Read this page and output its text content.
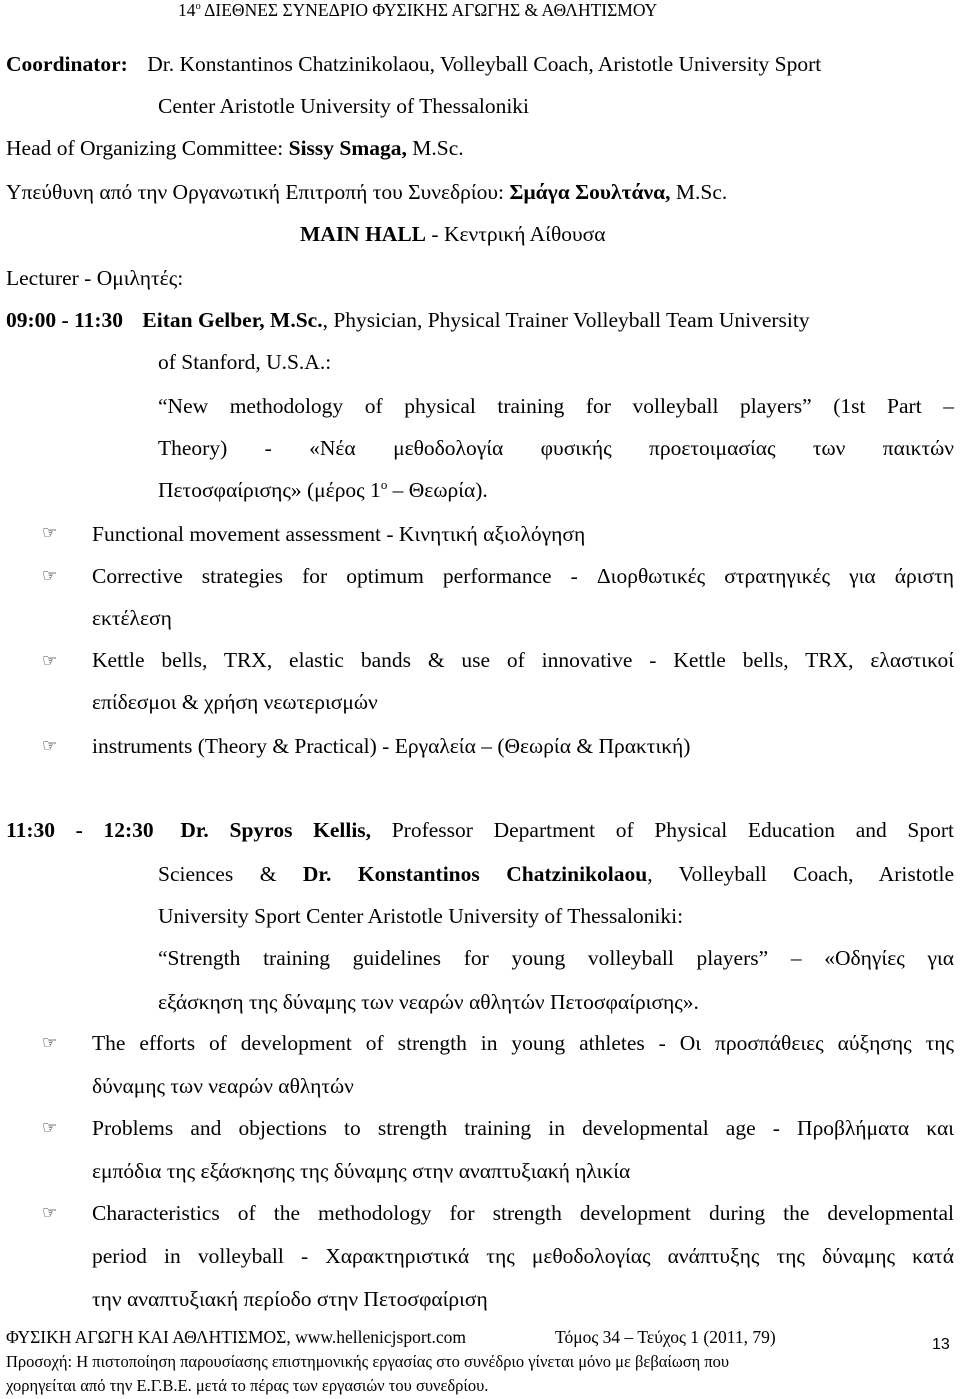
$14^o$ ΔΙΕΘΝΕΣ ΣΥΝΕΔΡΙΟ ΦΥΣΙΚΗΣ ΑΓΩΓΗΣ & ΑΘΛΗΤΙΣΜΟΥ
Coordinator: Dr. Konstantinos Chatzinikolaou, Volleyball Coach, Aristotle University Sport
Center Aristotle University of Thessaloniki
Head of Organizing Committee: Sissy Smaga, M.Sc.
Υπεύθυνη από την Οργανωτική Επιτροπή του Συνεδρίου: Σμάγα Σουλτάνα, M.Sc.
MAIN HALL - Κεντρική Αίθουσα
Lecturer - Ομιλητές:
09:00 - 11:30 Eitan Gelber, M.Sc., Physician, Physical Trainer Volleyball Team University
of Stanford, U.S.A.:
“New methodology of physical training for volleyball players” (1st Part –
Theory) - «Νέα μεθοδολογία φυσικής προετοιμασίας των παικτών
Πετοσφαίρισης» (μέρος $1^o - \Theta\varepsilon\omega\rho ί\alpha$).
☞ Functional movement assessment - Κινητική αξιολόγηση
☞ Corrective strategies for optimum performance - Διορθωτικές στρατηγικές για άριστη
εκτέλεση
☞ Kettle bells, TRX, elastic bands & use of innovative - Kettle bells, TRX, ελαστικοί
επίδεσμοι & χρήση νεωτερισμών
☞ instruments (Theory & Practical) - Εργαλεία – (Θεωρία & Πρακτική)
11:30 - 12:30 Dr. Spyros Kellis, Professor Department of Physical Education and Sport
Sciences & Dr. Konstantinos Chatzinikolaou, Volleyball Coach, Aristotle
University Sport Center Aristotle University of Thessaloniki:
“Strength training guidelines for young volleyball players” – «Οδηγίες για
εξάσκηση της δύναμης των νεαρών αθλητών Πετοσφαίρισης».
☞ The efforts of development of strength in young athletes - Οι προσπάθειες αύξησης της
δύναμης των νεαρών αθλητών
☞ Problems and objections to strength training in developmental age - Προβλήματα και
εμπόδια της εξάσκησης της δύναμης στην αναπτυξιακή ηλικία
☞ Characteristics of the methodology for strength development during the developmental
period in volleyball - Χαρακτηριστικά της μεθοδολογίας ανάπτυξης της δύναμης κατά
την αναπτυξιακή περίοδο στην Πετοσφαίριση
ΦΥΣΙΚΗ ΑΓΩΓΗ ΚΑΙ ΑΘΛΗΤΙΣΜΟΣ, www.hellenicjsport.com	Τόμος 34 – Τεύχος 1 (2011, 79)	13
Προσοχή: Η πιστοποίηση παρουσίασης επιστημονικής εργασίας στο συνέδριο γίνεται μόνο με βεβαίωση που
χορηγείται από την Ε.Γ.Β.Ε. μετά το πέρας των εργασιών του συνεδρίου.
